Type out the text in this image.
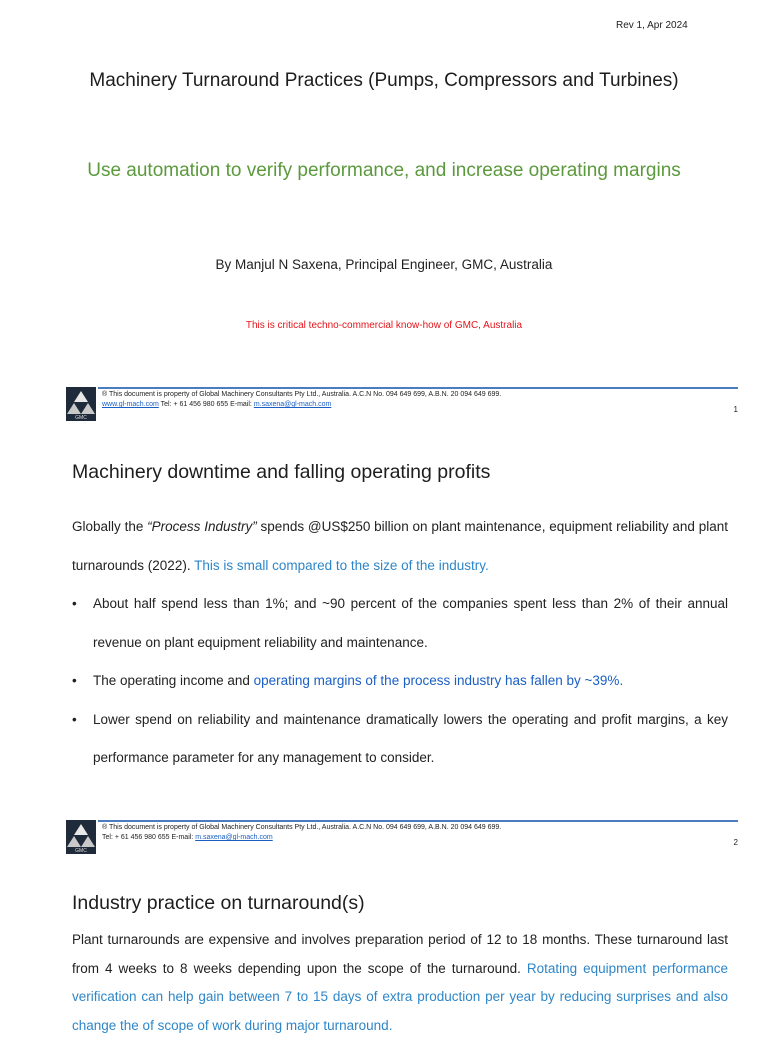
Rev 1, Apr 2024
Machinery Turnaround Practices (Pumps, Compressors and Turbines)
Use automation to verify performance, and increase operating margins
By Manjul N Saxena, Principal Engineer, GMC, Australia
This is critical techno-commercial know-how of GMC, Australia
GMC
® This document is property of Global Machinery Consultants Pty Ltd., Australia. A.C.N No. 094 649 699, A.B.N. 20 094 649 699.
www.gl-mach.com Tel: + 61 456 980 655 E-mail: m.saxena@gl-mach.com
1
Machinery downtime and falling operating profits
Globally the “Process Industry” spends @US$250 billion on plant maintenance, equipment reliability and plant turnarounds (2022). This is small compared to the size of the industry.
• About half spend less than 1%; and ~90 percent of the companies spent less than 2% of their annual revenue on plant equipment reliability and maintenance.
• The operating income and operating margins of the process industry has fallen by ~39%.
• Lower spend on reliability and maintenance dramatically lowers the operating and profit margins, a key performance parameter for any management to consider.
GMC
® This document is property of Global Machinery Consultants Pty Ltd., Australia. A.C.N No. 094 649 699, A.B.N. 20 094 649 699.
Tel: + 61 456 980 655 E-mail: m.saxena@gl-mach.com
2
Industry practice on turnaround(s)
Plant turnarounds are expensive and involves preparation period of 12 to 18 months. These turnaround last from 4 weeks to 8 weeks depending upon the scope of the turnaround. Rotating equipment performance verification can help gain between 7 to 15 days of extra production per year by reducing surprises and also change the of scope of work during major turnaround.
